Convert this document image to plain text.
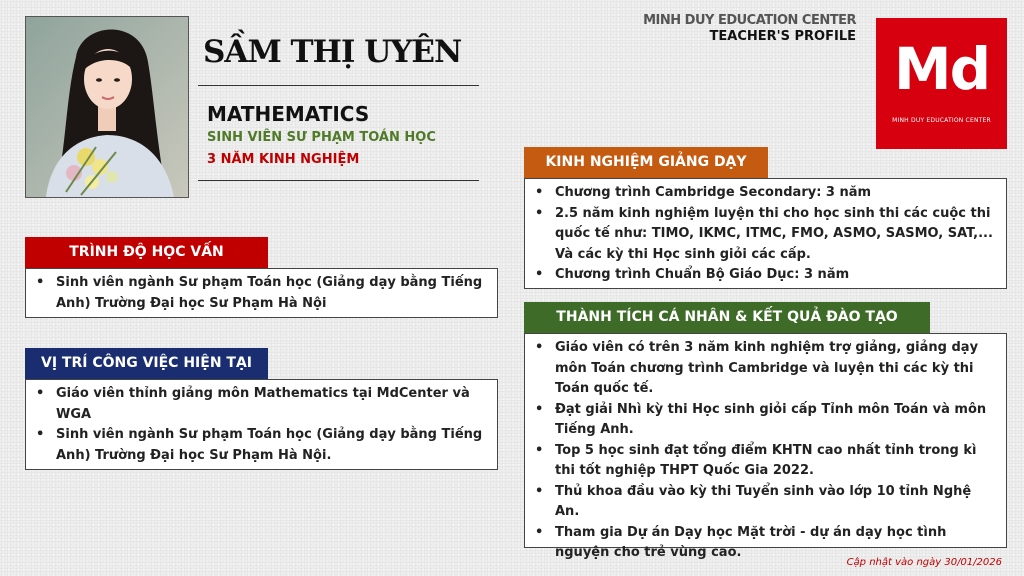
SẦM THỊ UYÊN
MATHEMATICS
SINH VIÊN SƯ PHẠM TOÁN HỌC
3 NĂM KINH NGHIỆM
MINH DUY EDUCATION CENTER
TEACHER'S PROFILE Md
MINH DUY EDUCATION CENTER
TRÌNH ĐỘ HỌC VẤN
• Sinh viên ngành Sư phạm Toán học (Giảng dạy bằng Tiếng Anh) Trường Đại học Sư Phạm Hà Nội
VỊ TRÍ CÔNG VIỆC HIỆN TẠI
• Giáo viên thỉnh giảng môn Mathematics tại MdCenter và WGA
• Sinh viên ngành Sư phạm Toán học (Giảng dạy bằng Tiếng Anh) Trường Đại học Sư Phạm Hà Nội.
KINH NGHIỆM GIẢNG DẠY
• Chương trình Cambridge Secondary: 3 năm
• 2.5 năm kinh nghiệm luyện thi cho học sinh thi các cuộc thi quốc tế như: TIMO, IKMC, ITMC, FMO, ASMO, SASMO, SAT,... Và các kỳ thi Học sinh giỏi các cấp.
• Chương trình Chuẩn Bộ Giáo Dục: 3 năm
THÀNH TÍCH CÁ NHÂN & KẾT QUẢ ĐÀO TẠO
• Giáo viên có trên 3 năm kinh nghiệm trợ giảng, giảng dạy môn Toán chương trình Cambridge và luyện thi các kỳ thi Toán quốc tế.
• Đạt giải Nhì kỳ thi Học sinh giỏi cấp Tỉnh môn Toán và môn Tiếng Anh.
• Top 5 học sinh đạt tổng điểm KHTN cao nhất tỉnh trong kì thi tốt nghiệp THPT Quốc Gia 2022.
• Thủ khoa đầu vào kỳ thi Tuyển sinh vào lớp 10 tỉnh Nghệ An.
• Tham gia Dự án Dạy học Mặt trời - dự án dạy học tình nguyện cho trẻ vùng cao.
Cập nhật vào ngày 30/01/2026
